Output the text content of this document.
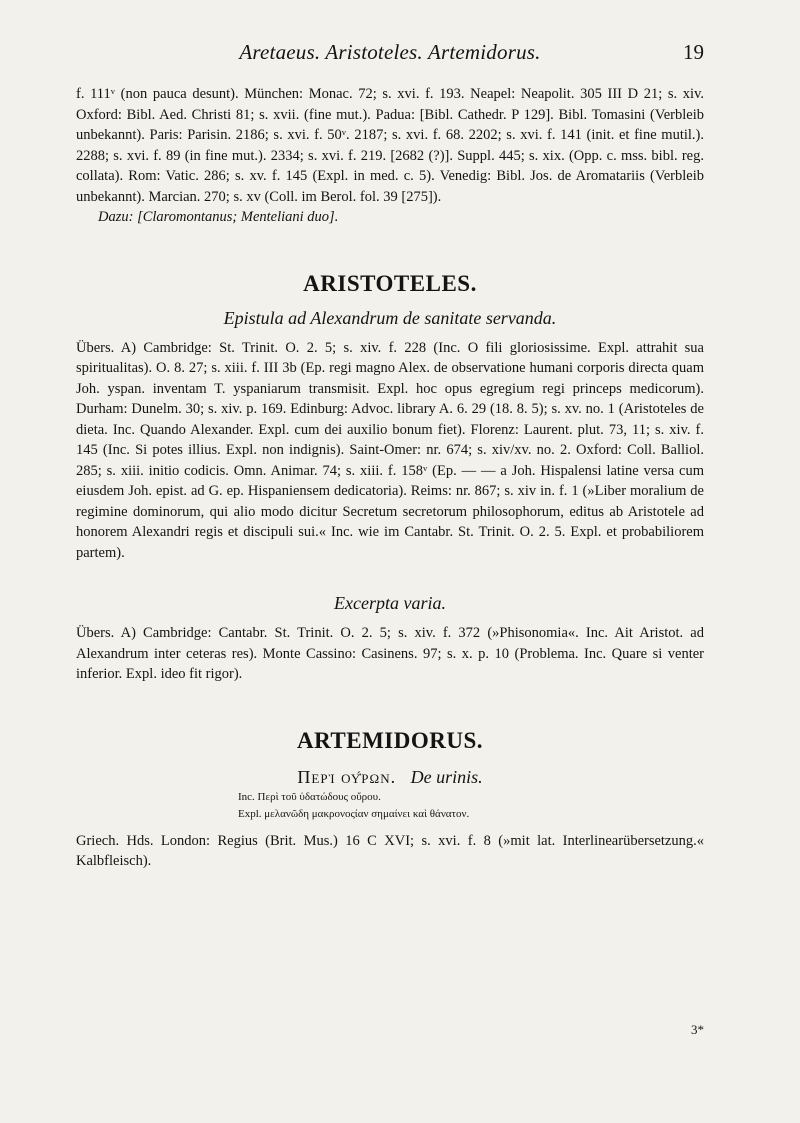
Aretaeus. Aristoteles. Artemidorus.	19

f. 111ᵛ (non pauca desunt). München: Monac. 72; s. xvi. f. 193. Neapel: Neapolit. 305 III D 21; s. xiv. Oxford: Bibl. Aed. Christi 81; s. xvii. (fine mut.). Padua: [Bibl. Cathedr. P 129]. Bibl. Tomasini (Verbleib unbekannt). Paris: Parisin. 2186; s. xvi. f. 50ᵛ. 2187; s. xvi. f. 68. 2202; s. xvi. f. 141 (init. et fine mutil.). 2288; s. xvi. f. 89 (in fine mut.). 2334; s. xvi. f. 219. [2682 (?)]. Suppl. 445; s. xix. (Opp. c. mss. bibl. reg. collata). Rom: Vatic. 286; s. xv. f. 145 (Expl. in med. c. 5). Venedig: Bibl. Jos. de Aromatariis (Verbleib unbekannt). Marcian. 270; s. xv (Coll. im Berol. fol. 39 [275]).

Dazu: [Claromontanus; Menteliani duo].

ARISTOTELES.

Epistula ad Alexandrum de sanitate servanda.

Übers. A) Cambridge: St. Trinit. O. 2. 5; s. xiv. f. 228 (Inc. O fili gloriosissime. Expl. attrahit sua spiritualitas). O. 8. 27; s. xiii. f. III 3b (Ep. regi magno Alex. de observatione humani corporis directa quam Joh. yspan. inventam T. yspaniarum transmisit. Expl. hoc opus egregium regi princeps medicorum). Durham: Dunelm. 30; s. xiv. p. 169. Edinburg: Advoc. library A. 6. 29 (18. 8. 5); s. xv. no. 1 (Aristoteles de dieta. Inc. Quando Alexander. Expl. cum dei auxilio bonum fiet). Florenz: Laurent. plut. 73, 11; s. xiv. f. 145 (Inc. Si potes illius. Expl. non indignis). Saint-Omer: nr. 674; s. xiv/xv. no. 2. Oxford: Coll. Balliol. 285; s. xiii. initio codicis. Omn. Animar. 74; s. xiii. f. 158ᵛ (Ep. — — a Joh. Hispalensi latine versa cum eiusdem Joh. epist. ad G. ep. Hispaniensem dedicatoria). Reims: nr. 867; s. xiv in. f. 1 (»Liber moralium de regimine dominorum, qui alio modo dicitur Secretum secretorum philosophorum, editus ab Aristotele ad honorem Alexandri regis et discipuli sui.« Inc. wie im Cantabr. St. Trinit. O. 2. 5. Expl. et probabiliorem partem).

Excerpta varia.

Übers. A) Cambridge: Cantabr. St. Trinit. O. 2. 5; s. xiv. f. 372 (»Phisonomia«. Inc. Ait Aristot. ad Alexandrum inter ceteras res). Monte Cassino: Casinens. 97; s. x. p. 10 (Problema. Inc. Quare si venter inferior. Expl. ideo fit rigor).

ARTEMIDORUS.

Περὶ οὔρων. De urinis.

Inc. Περὶ τοῦ ὑδατώδους οὔρου.

Expl. μελανῶδη μακρονοςίαν σημαίνει καὶ θάνατον.

Griech. Hds. London: Regius (Brit. Mus.) 16 C XVI; s. xvi. f. 8 (»mit lat. Interlinearübersetzung.« Kalbfleisch).

3*
